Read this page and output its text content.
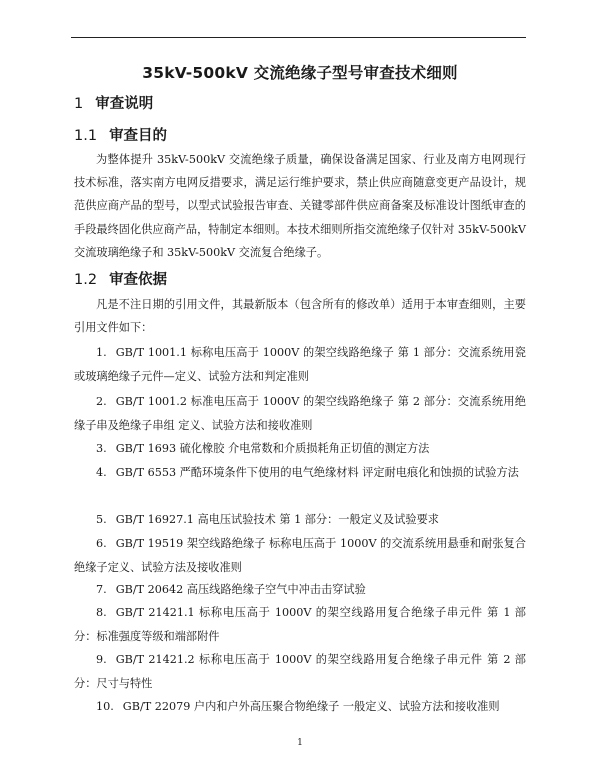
35kV-500kV 交流绝缘子型号审查技术细则
1 审查说明
1.1 审查目的
为整体提升 35kV-500kV 交流绝缘子质量，确保设备满足国家、行业及南方电网现行技术标准，落实南方电网反措要求，满足运行维护要求，禁止供应商随意变更产品设计，规范供应商产品的型号，以型式试验报告审查、关键零部件供应商备案及标准设计图纸审查的手段最终固化供应商产品，特制定本细则。本技术细则所指交流绝缘子仅针对 35kV-500kV 交流玻璃绝缘子和 35kV-500kV 交流复合绝缘子。
1.2 审查依据
凡是不注日期的引用文件，其最新版本（包含所有的修改单）适用于本审查细则，主要引用文件如下：
1. GB/T 1001.1 标称电压高于 1000V 的架空线路绝缘子 第 1 部分：交流系统用瓷或玻璃绝缘子元件—定义、试验方法和判定准则
2. GB/T 1001.2 标准电压高于 1000V 的架空线路绝缘子 第 2 部分：交流系统用绝缘子串及绝缘子串组 定义、试验方法和接收准则
3. GB/T 1693 硫化橡胶 介电常数和介质损耗角正切值的测定方法
4. GB/T 6553 严酷环境条件下使用的电气绝缘材料 评定耐电痕化和蚀损的试验方法
5. GB/T 16927.1 高电压试验技术 第 1 部分：一般定义及试验要求
6. GB/T 19519 架空线路绝缘子 标称电压高于 1000V 的交流系统用悬垂和耐张复合绝缘子定义、试验方法及接收准则
7. GB/T 20642 高压线路绝缘子空气中冲击击穿试验
8. GB/T 21421.1 标称电压高于 1000V 的架空线路用复合绝缘子串元件 第 1 部分：标准强度等级和端部附件
9. GB/T 21421.2 标称电压高于 1000V 的架空线路用复合绝缘子串元件 第 2 部分：尺寸与特性
10. GB/T 22079 户内和户外高压聚合物绝缘子 一般定义、试验方法和接收准则
1
